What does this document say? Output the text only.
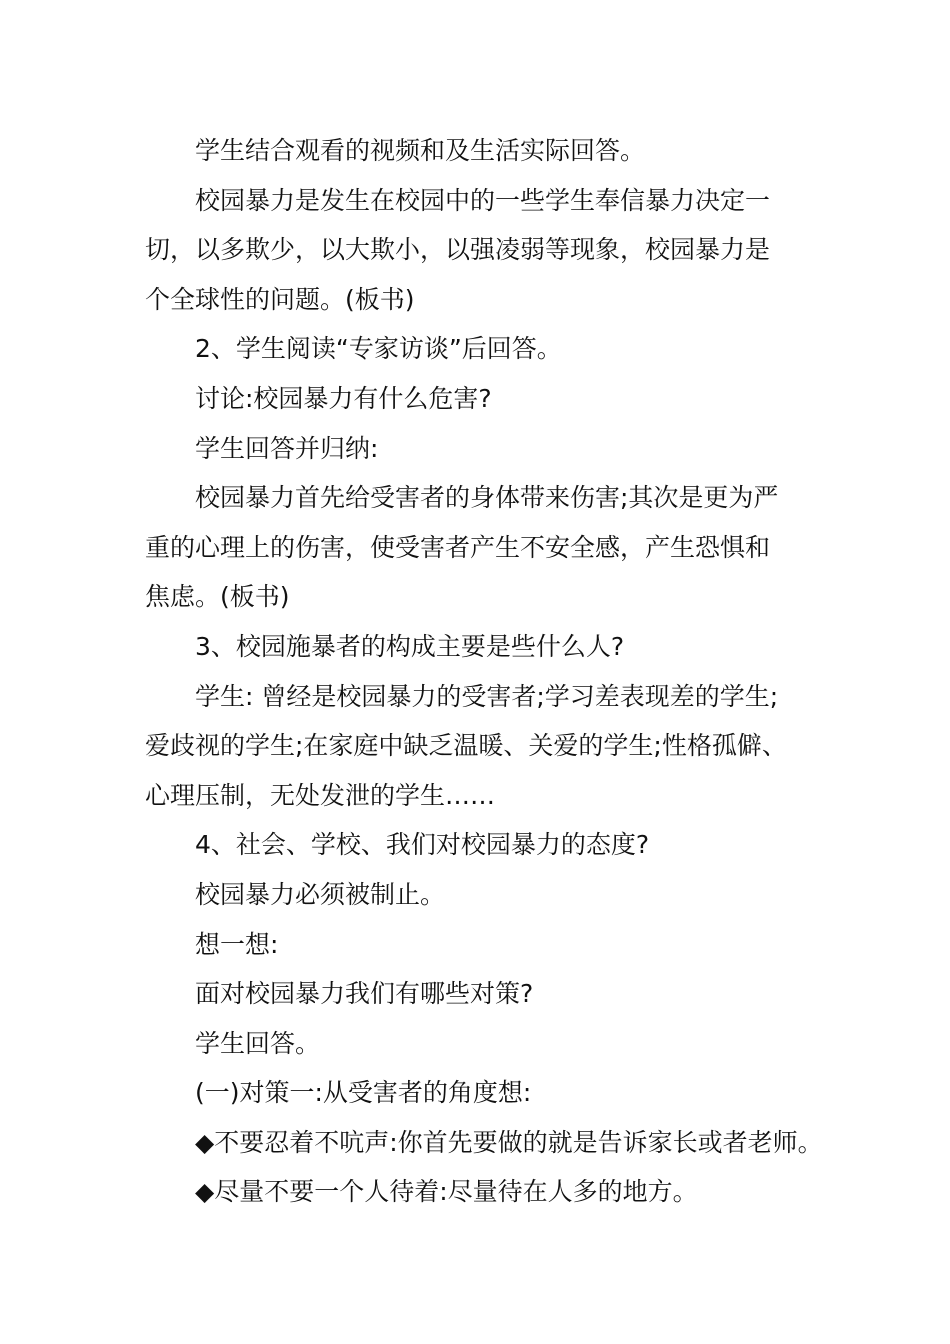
学生结合观看的视频和及生活实际回答。
校园暴力是发生在校园中的一些学生奉信暴力决定一
切，以多欺少，以大欺小，以强凌弱等现象，校园暴力是
个全球性的问题。(板书)
2、学生阅读“专家访谈”后回答。
讨论:校园暴力有什么危害?
学生回答并归纳:
校园暴力首先给受害者的身体带来伤害;其次是更为严
重的心理上的伤害，使受害者产生不安全感，产生恐惧和
焦虑。(板书)
3、校园施暴者的构成主要是些什么人?
学生: 曾经是校园暴力的受害者;学习差表现差的学生;
爱歧视的学生;在家庭中缺乏温暖、关爱的学生;性格孤僻、
心理压制，无处发泄的学生……
4、社会、学校、我们对校园暴力的态度?
校园暴力必须被制止。
想一想:
面对校园暴力我们有哪些对策?
学生回答。
(一)对策一:从受害者的角度想:
◆不要忍着不吭声:你首先要做的就是告诉家长或者老师。
◆尽量不要一个人待着:尽量待在人多的地方。
